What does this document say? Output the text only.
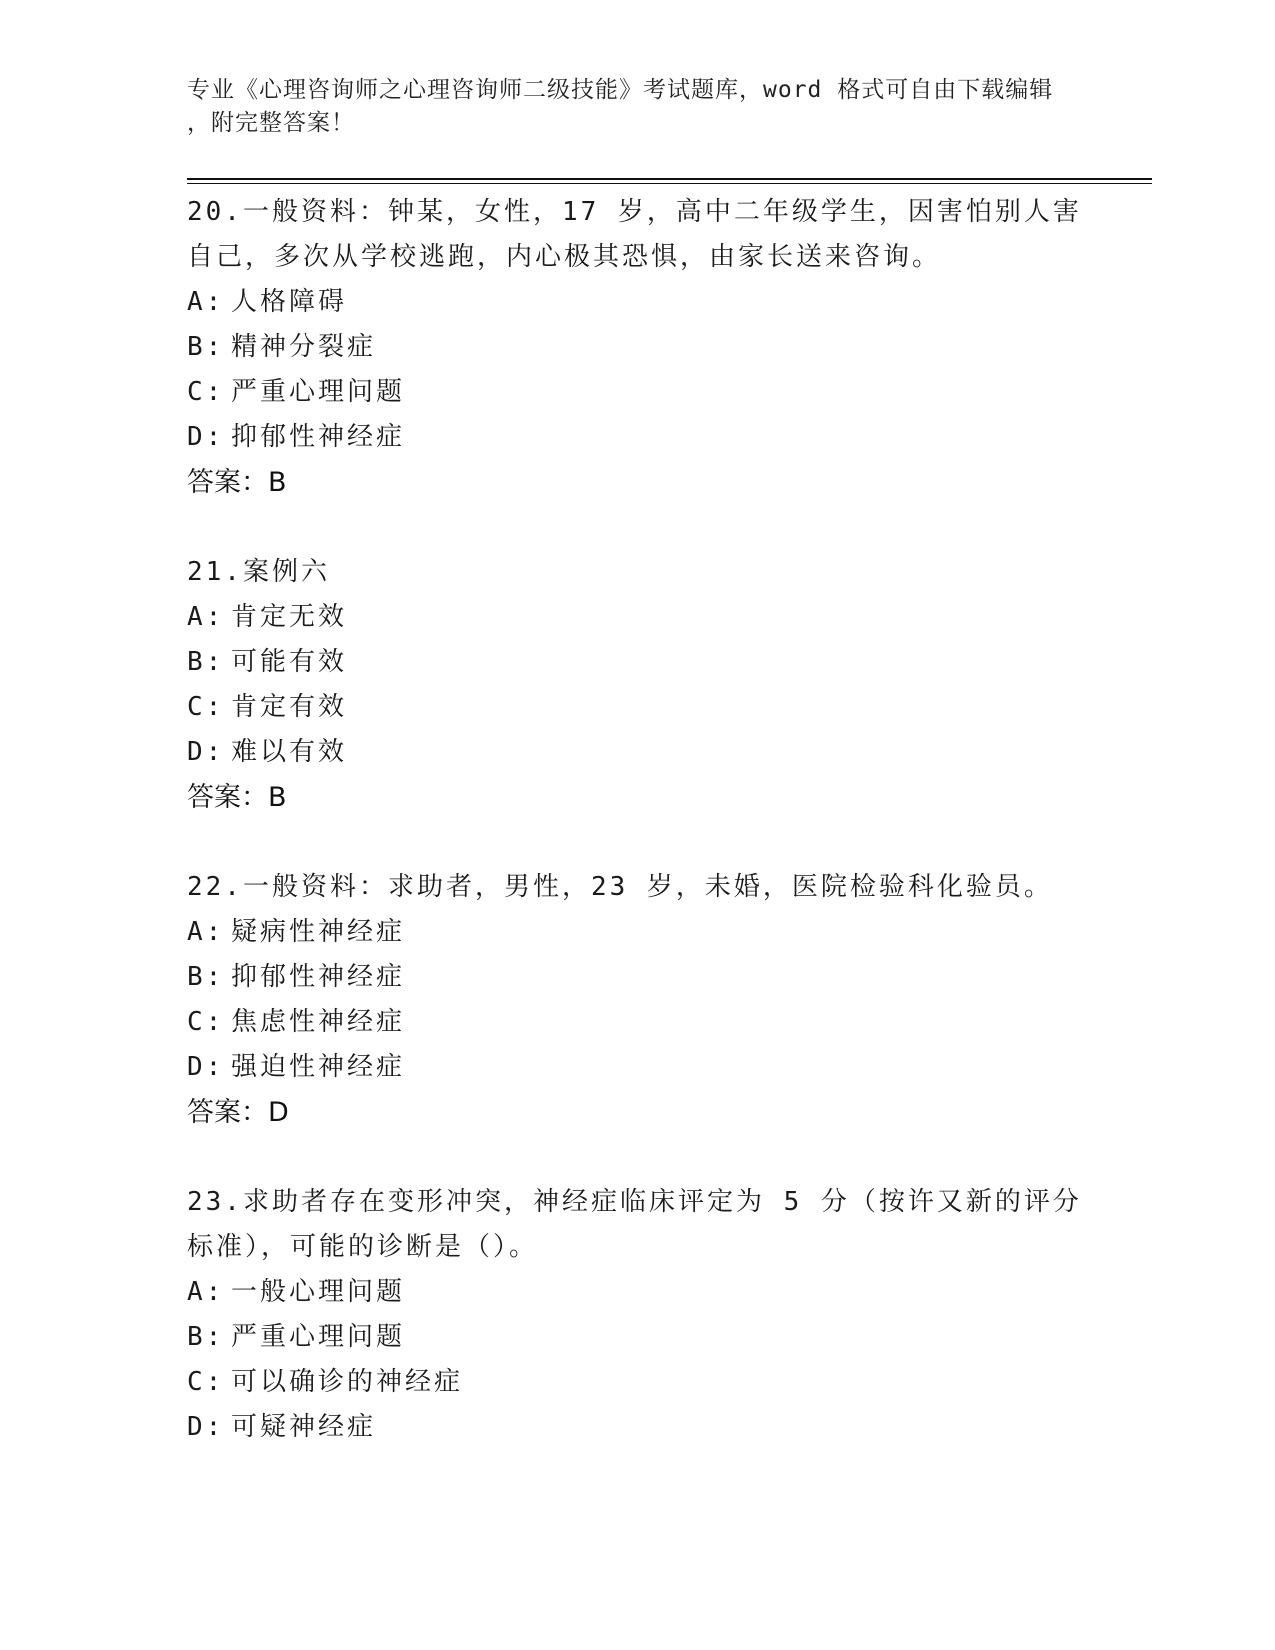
专业《心理咨询师之心理咨询师二级技能》考试题库，word 格式可自由下载编辑
，附完整答案！

20.一般资料：钟某，女性，17 岁，高中二年级学生，因害怕别人害自己，多次从学校逃跑，内心极其恐惧，由家长送来咨询。

A: 人格障碍

B: 精神分裂症

C: 严重心理问题

D: 抑郁性神经症

答案：B

21.案例六

A: 肯定无效

B: 可能有效

C: 肯定有效

D: 难以有效

答案：B

22.一般资料：求助者，男性，23 岁，未婚，医院检验科化验员。

A: 疑病性神经症

B: 抑郁性神经症

C: 焦虑性神经症

D: 强迫性神经症

答案：D

23.求助者存在变形冲突，神经症临床评定为 5 分（按许又新的评分标准），可能的诊断是（）。

A: 一般心理问题

B: 严重心理问题

C: 可以确诊的神经症

D: 可疑神经症
